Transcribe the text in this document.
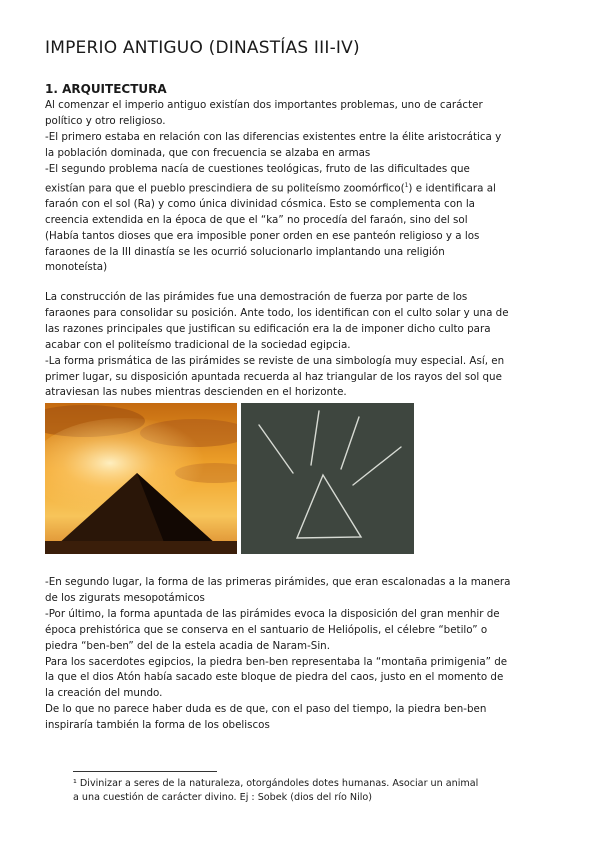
IMPERIO ANTIGUO (DINASTÍAS III-IV)
1. ARQUITECTURA

Al comenzar el imperio antiguo existían dos importantes problemas, uno de carácter

político y otro religioso.

-El primero estaba en relación con las diferencias existentes entre la élite aristocrática y

la población dominada, que con frecuencia se alzaba en armas

-El segundo problema nacía de cuestiones teológicas, fruto de las dificultades que

existían para que el pueblo prescindiera de su politeísmo zoomórfico($^1$) e identificara al

faraón con el sol (Ra) y como única divinidad cósmica. Esto se complementa con la

creencia extendida en la época de que el “ka” no procedía del faraón, sino del sol

(Había tantos dioses que era imposible poner orden en ese panteón religioso y a los

faraones de la III dinastía se les ocurrió solucionarlo implantando una religión

monoteísta)

La construcción de las pirámides fue una demostración de fuerza por parte de los

faraones para consolidar su posición. Ante todo, los identifican con el culto solar y una de

las razones principales que justifican su edificación era la de imponer dicho culto para

acabar con el politeísmo tradicional de la sociedad egipcia.

-La forma prismática de las pirámides se reviste de una simbología muy especial. Así, en

primer lugar, su disposición apuntada recuerda al haz triangular de los rayos del sol que

atraviesan las nubes mientras descienden en el horizonte.

-En segundo lugar, la forma de las primeras pirámides, que eran escalonadas a la manera

de los zigurats mesopotámicos

-Por último, la forma apuntada de las pirámides evoca la disposición del gran menhir de

época prehistórica que se conserva en el santuario de Heliópolis, el célebre “betilo” o

piedra “ben-ben” del de la estela acadia de Naram-Sin.

Para los sacerdotes egipcios, la piedra ben-ben representaba la “montaña primigenia” de

la que el dios Atón había sacado este bloque de piedra del caos, justo en el momento de

la creación del mundo.

De lo que no parece haber duda es de que, con el paso del tiempo, la piedra ben-ben

inspiraría también la forma de los obeliscos

¹ Divinizar a seres de la naturaleza, otorgándoles dotes humanas. Asociar un animal

a una cuestión de carácter divino. Ej : Sobek (dios del río Nilo)
